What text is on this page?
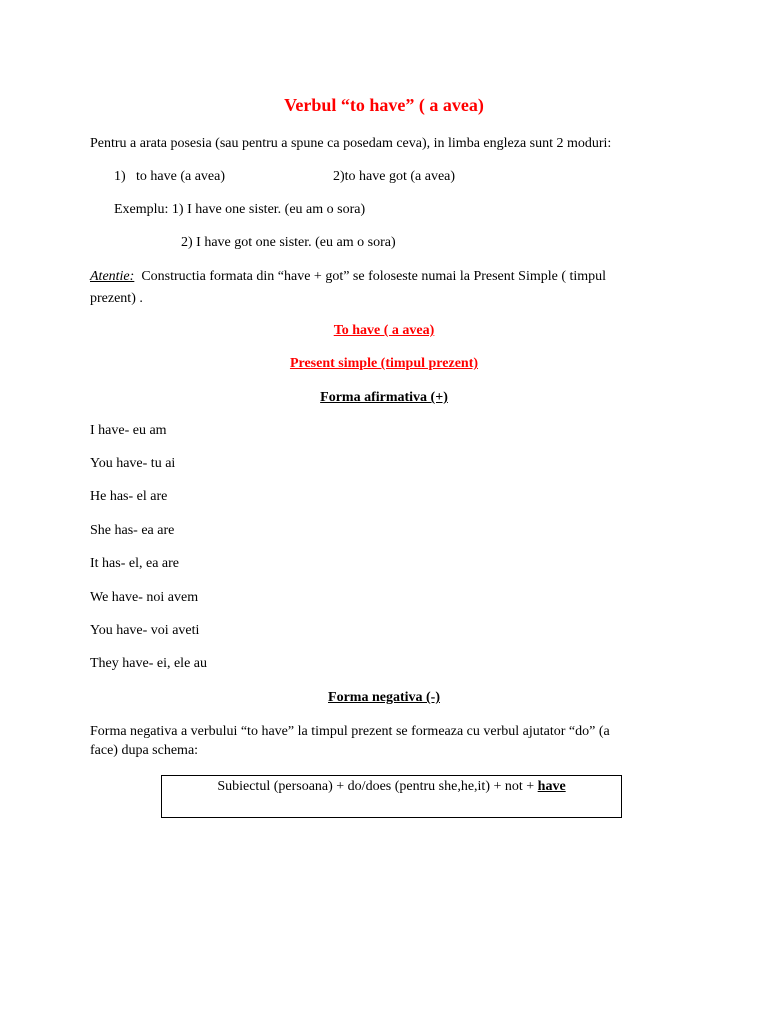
Verbul “to have” ( a avea)
Pentru a arata posesia (sau pentru a spune ca posedam ceva), in limba engleza sunt 2 moduri:
1) to have (a avea)	2)to have got (a avea)
Exemplu: 1) I have one sister. (eu am o sora)
2) I have got one sister. (eu am o sora)
Atentie: Constructia formata din “have + got” se foloseste numai la Present Simple ( timpul
prezent) .
To have ( a avea)
Present simple (timpul prezent)
Forma afirmativa (+)
I have- eu am
You have- tu ai
He has- el are
She has- ea are
It has- el, ea are
We have- noi avem
You have- voi aveti
They have- ei, ele au
Forma negativa (-)
Forma negativa a verbului “to have” la timpul prezent se formeaza cu verbul ajutator “do” (a
face) dupa schema:
Subiectul (persoana) + do/does (pentru she,he,it) + not + have
